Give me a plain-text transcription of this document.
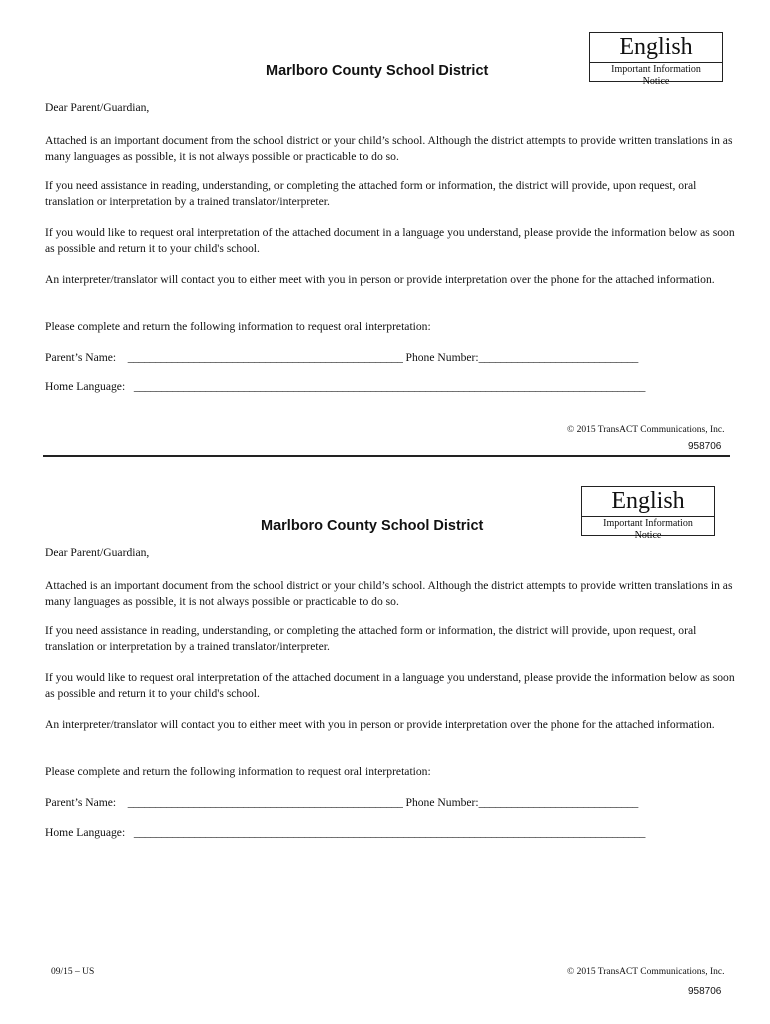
English
Important Information
Notice
Marlboro County School District

Dear Parent/Guardian,

Attached is an important document from the school district or your child’s school. Although the district attempts to provide written translations in as many languages as possible, it is not always possible or practicable to do so.

If you need assistance in reading, understanding, or completing the attached form or information, the district will provide, upon request, oral translation or interpretation by a trained translator/interpreter.

If you would like to request oral interpretation of the attached document in a language you understand, please provide the information below as soon as possible and return it to your child's school.

An interpreter/translator will contact you to either meet with you in person or provide interpretation over the phone for the attached information.

Please complete and return the following information to request oral interpretation:

Parent’s Name: __________________________________________________ Phone Number:_____________________________
Home Language: _____________________________________________________________________________________________
© 2015 TransACT Communications, Inc.
958706
English
Important Information
Notice
Marlboro County School District

Dear Parent/Guardian,

Attached is an important document from the school district or your child’s school. Although the district attempts to provide written translations in as many languages as possible, it is not always possible or practicable to do so.

If you need assistance in reading, understanding, or completing the attached form or information, the district will provide, upon request, oral translation or interpretation by a trained translator/interpreter.

If you would like to request oral interpretation of the attached document in a language you understand, please provide the information below as soon as possible and return it to your child's school.

An interpreter/translator will contact you to either meet with you in person or provide interpretation over the phone for the attached information.

Please complete and return the following information to request oral interpretation:

Parent’s Name: __________________________________________________ Phone Number:_____________________________
Home Language: _____________________________________________________________________________________________
09/15 – US	© 2015 TransACT Communications, Inc.
958706
